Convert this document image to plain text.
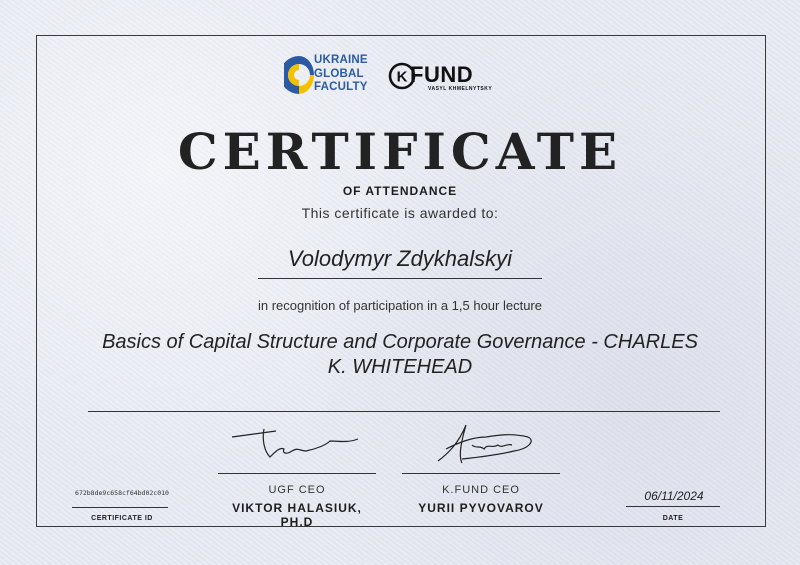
UKRAINE
GLOBAL
FACULTY
K FUND
VASYL KHMELNYTSKY
CERTIFICATE
OF ATTENDANCE
This certificate is awarded to:
Volodymyr Zdykhalskyi
in recognition of participation in a 1,5 hour lecture
Basics of Capital Structure and Corporate Governance - CHARLES K. WHITEHEAD
UGF CEO
VIKTOR HALASIUK, PH.D
K.FUND CEO
YURII PYVOVAROV
672b8de9c658cf64bd02c010
CERTIFICATE ID
06/11/2024
DATE
